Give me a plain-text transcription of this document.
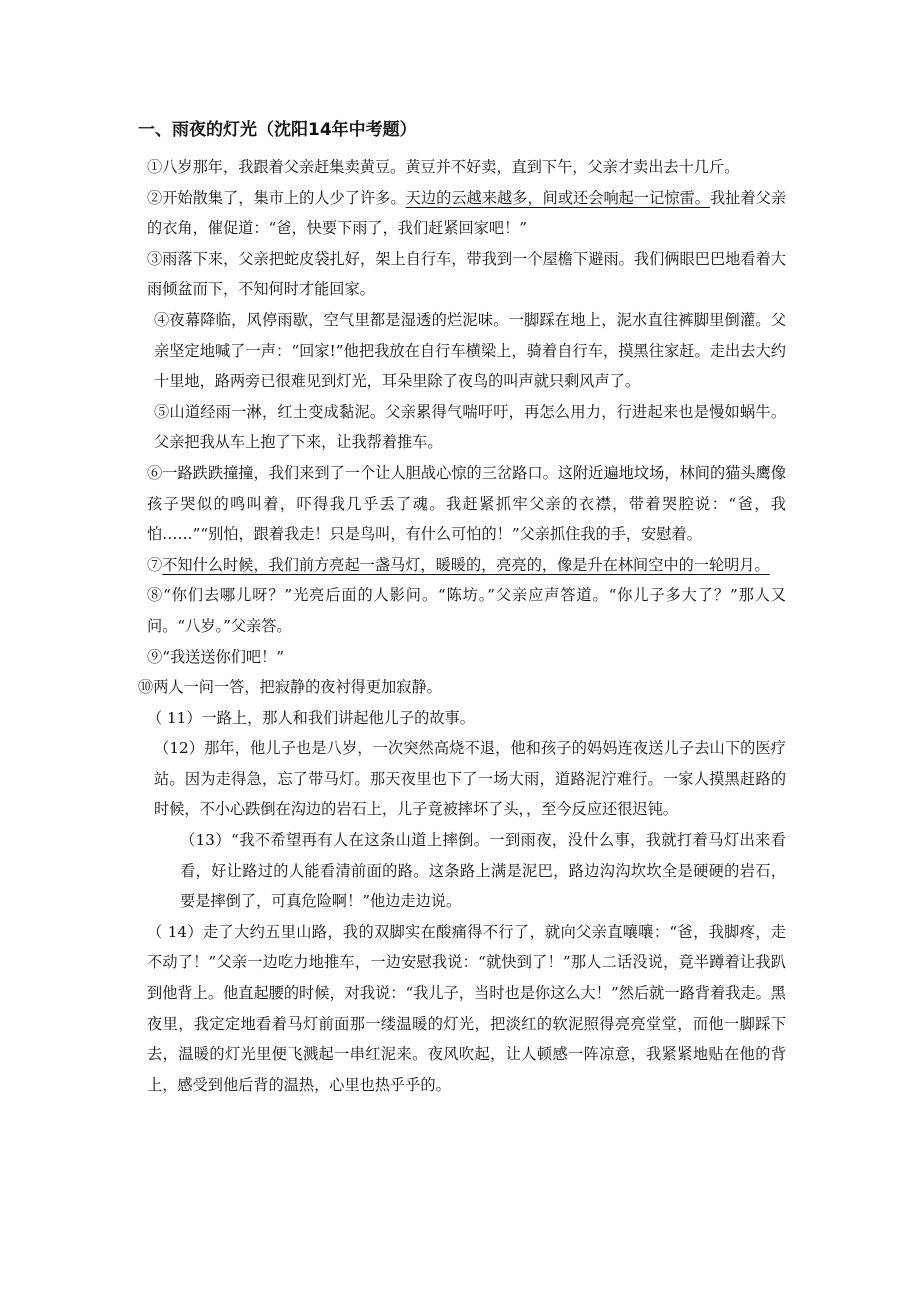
一、雨夜的灯光（沈阳14年中考题）

①八岁那年，我跟着父亲赶集卖黄豆。黄豆并不好卖，直到下午，父亲才卖出去十几斤。

②开始散集了，集市上的人少了许多。天边的云越来越多，间或还会响起一记惊雷。我扯着父亲的衣角，催促道：“爸，快要下雨了，我们赶紧回家吧！”

③雨落下来，父亲把蛇皮袋扎好，架上自行车，带我到一个屋檐下避雨。我们俩眼巴巴地看着大雨倾盆而下，不知何时才能回家。

④夜幕降临，风停雨歇，空气里都是湿透的烂泥味。一脚踩在地上，泥水直往裤脚里倒灌。父亲坚定地喊了一声：“回家!”他把我放在自行车横梁上，骑着自行车，摸黑往家赶。走出去大约十里地，路两旁已很难见到灯光，耳朵里除了夜鸟的叫声就只剩风声了。

⑤山道经雨一淋，红土变成黏泥。父亲累得气喘吁吁，再怎么用力，行进起来也是慢如蜗牛。父亲把我从车上抱了下来，让我帮着推车。

⑥一路跌跌撞撞，我们来到了一个让人胆战心惊的三岔路口。这附近遍地坟场，林间的猫头鹰像孩子哭似的鸣叫着，吓得我几乎丢了魂。我赶紧抓牢父亲的衣襟，带着哭腔说：“爸，我怕……”“别怕，跟着我走！只是鸟叫，有什么可怕的！”父亲抓住我的手，安慰着。

⑦不知什么时候，我们前方亮起一盏马灯，暖暖的，亮亮的，像是升在林间空中的一轮明月。

⑧“你们去哪儿呀？”光亮后面的人影问。“陈坊。”父亲应声答道。“你儿子多大了？”那人又问。“八岁。”父亲答。

⑨“我送送你们吧！”

⑩两人一问一答，把寂静的夜衬得更加寂静。

（ 11）一路上，那人和我们讲起他儿子的故事。

（12）那年，他儿子也是八岁，一次突然高烧不退，他和孩子的妈妈连夜送儿子去山下的医疗站。因为走得急，忘了带马灯。那天夜里也下了一场大雨，道路泥泞难行。一家人摸黑赶路的时候，不小心跌倒在沟边的岩石上，儿子竟被摔坏了头，，至今反应还很迟钝。

（13）“我不希望再有人在这条山道上摔倒。一到雨夜，没什么事，我就打着马灯出来看看，好让路过的人能看清前面的路。这条路上满是泥巴，路边沟沟坎坎全是硬硬的岩石，要是摔倒了，可真危险啊！”他边走边说。

（ 14）走了大约五里山路，我的双脚实在酸痛得不行了，就向父亲直嚷嚷：“爸，我脚疼，走不动了！”父亲一边吃力地推车，一边安慰我说：“就快到了！”那人二话没说，竟半蹲着让我趴到他背上。他直起腰的时候，对我说：“我儿子，当时也是你这么大！”然后就一路背着我走。黑夜里，我定定地看着马灯前面那一缕温暖的灯光，把淡红的软泥照得亮亮堂堂，而他一脚踩下去，温暖的灯光里便飞溅起一串红泥来。夜风吹起，让人顿感一阵凉意，我紧紧地贴在他的背上，感受到他后背的温热，心里也热乎乎的。
